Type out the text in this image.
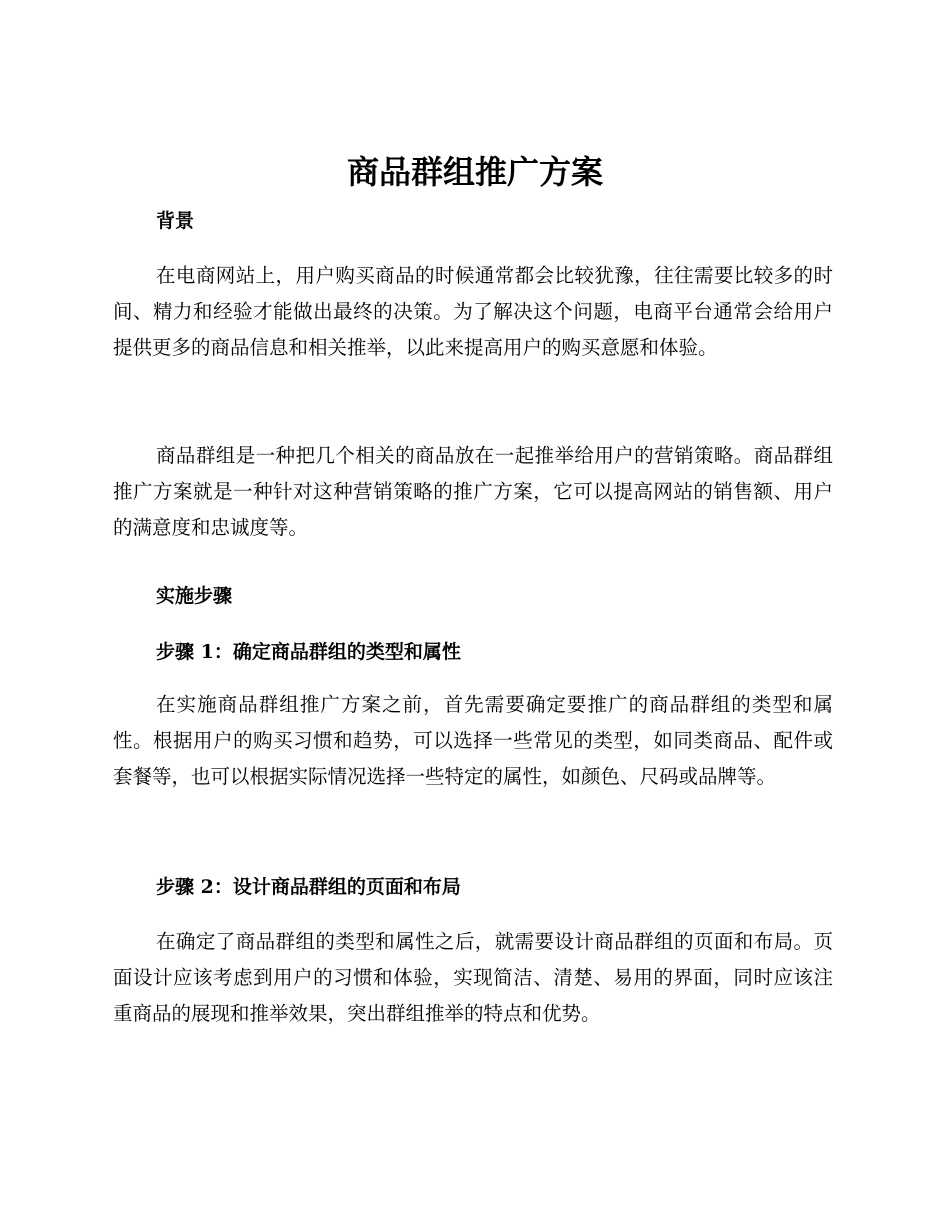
商品群组推广方案
背景

在电商网站上，用户购买商品的时候通常都会比较犹豫，往往需要比较多的时间、精力和经验才能做出最终的决策。为了解决这个问题，电商平台通常会给用户提供更多的商品信息和相关推举，以此来提高用户的购买意愿和体验。

商品群组是一种把几个相关的商品放在一起推举给用户的营销策略。商品群组推广方案就是一种针对这种营销策略的推广方案，它可以提高网站的销售额、用户的满意度和忠诚度等。

实施步骤
步骤 1：确定商品群组的类型和属性

在实施商品群组推广方案之前，首先需要确定要推广的商品群组的类型和属性。根据用户的购买习惯和趋势，可以选择一些常见的类型，如同类商品、配件或套餐等，也可以根据实际情况选择一些特定的属性，如颜色、尺码或品牌等。

步骤 2：设计商品群组的页面和布局

在确定了商品群组的类型和属性之后，就需要设计商品群组的页面和布局。页面设计应该考虑到用户的习惯和体验，实现简洁、清楚、易用的界面，同时应该注重商品的展现和推举效果，突出群组推举的特点和优势。
